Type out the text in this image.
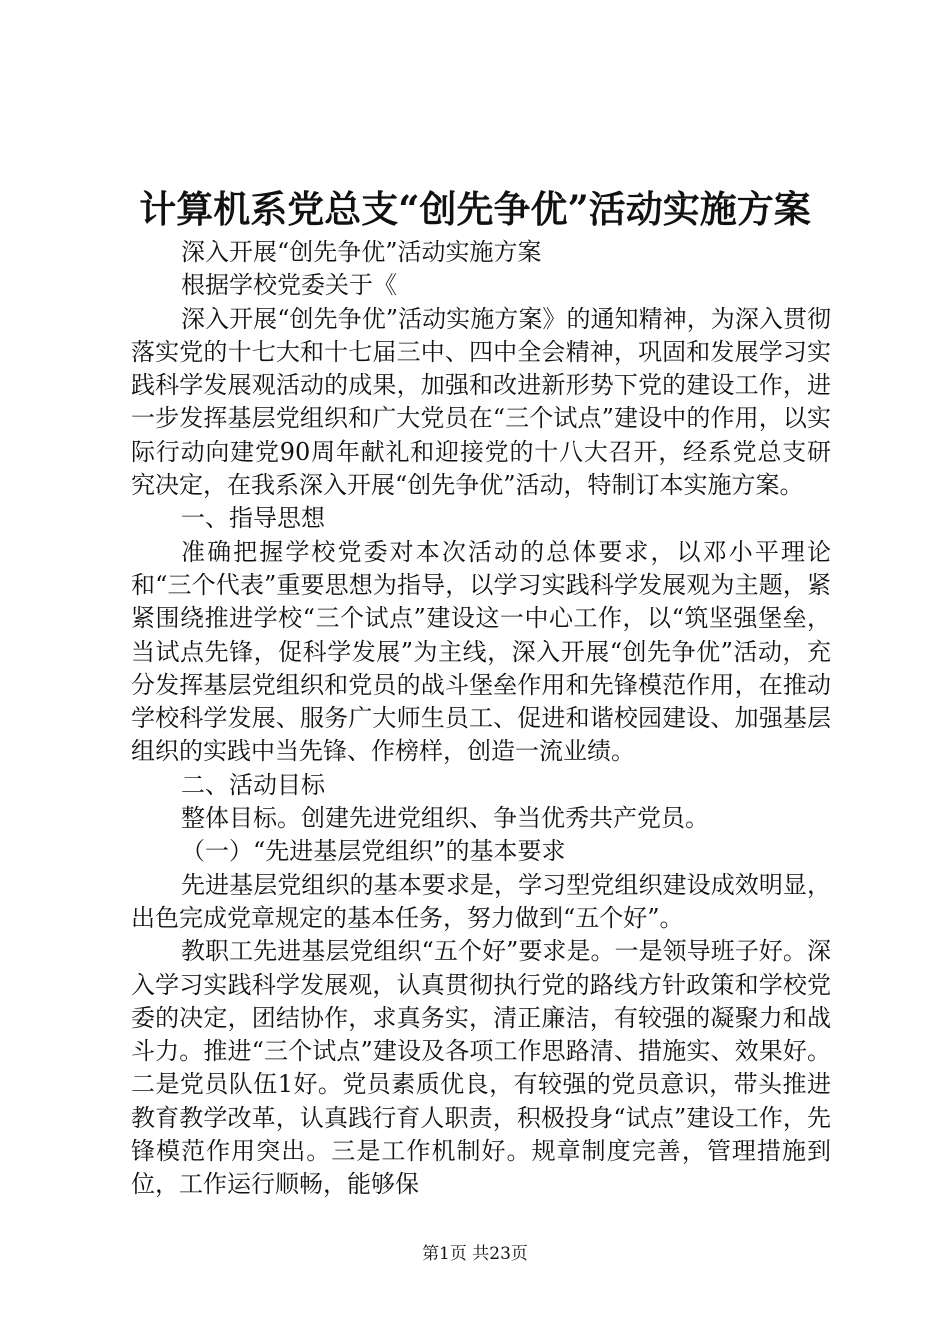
计算机系党总支“创先争优”活动实施方案

深入开展“创先争优”活动实施方案

根据学校党委关于《

深入开展“创先争优”活动实施方案》的通知精神，为深入贯彻落实党的十七大和十七届三中、四中全会精神，巩固和发展学习实践科学发展观活动的成果，加强和改进新形势下党的建设工作，进一步发挥基层党组织和广大党员在“三个试点”建设中的作用，以实际行动向建党90周年献礼和迎接党的十八大召开，经系党总支研究决定，在我系深入开展“创先争优”活动，特制订本实施方案。

一、指导思想

准确把握学校党委对本次活动的总体要求，以邓小平理论和“三个代表”重要思想为指导，以学习实践科学发展观为主题，紧紧围绕推进学校“三个试点”建设这一中心工作，以“筑坚强堡垒，当试点先锋，促科学发展”为主线，深入开展“创先争优”活动，充分发挥基层党组织和党员的战斗堡垒作用和先锋模范作用，在推动学校科学发展、服务广大师生员工、促进和谐校园建设、加强基层组织的实践中当先锋、作榜样，创造一流业绩。

二、活动目标

整体目标。创建先进党组织、争当优秀共产党员。

（一）“先进基层党组织”的基本要求

先进基层党组织的基本要求是，学习型党组织建设成效明显，出色完成党章规定的基本任务，努力做到“五个好”。

教职工先进基层党组织“五个好”要求是。一是领导班子好。深入学习实践科学发展观，认真贯彻执行党的路线方针政策和学校党委的决定，团结协作，求真务实，清正廉洁，有较强的凝聚力和战斗力。推进“三个试点”建设及各项工作思路清、措施实、效果好。二是党员队伍1好。党员素质优良，有较强的党员意识，带头推进教育教学改革，认真践行育人职责，积极投身“试点”建设工作，先锋模范作用突出。三是工作机制好。规章制度完善，管理措施到位，工作运行顺畅，能够保

第1页 共23页
